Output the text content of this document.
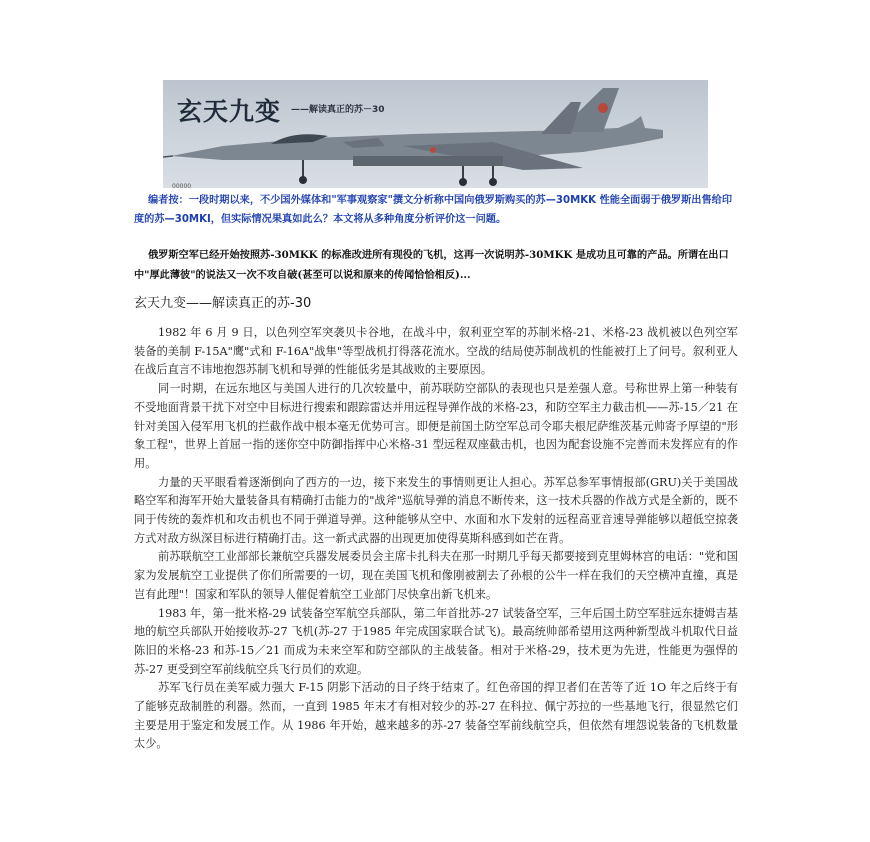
玄天九变 ——解读真正的苏－30
00000
编者按：一段时期以来，不少国外媒体和"军事观察家"撰文分析称中国向俄罗斯购买的苏—30MKK 性能全面弱于俄罗斯出售给印度的苏—30MKI，但实际情况果真如此么？本文将从多种角度分析评价这一问题。
俄罗斯空军已经开始按照苏-30MKK 的标准改进所有现役的飞机，这再一次说明苏-30MKK 是成功且可靠的产品。所谓在出口中"厚此薄彼"的说法又一次不攻自破(甚至可以说和原来的传闻恰恰相反)...
玄天九变——解读真正的苏-30

1982 年 6 月 9 日，以色列空军突袭贝卡谷地，在战斗中，叙利亚空军的苏制米格-21、米格-23 战机被以色列空军装备的美制 F-15A"鹰"式和 F-16A"战隼"等型战机打得落花流水。空战的结局使苏制战机的性能被打上了问号。叙利亚人在战后直言不讳地抱怨苏制飞机和导弹的性能低劣是其战败的主要原因。

同一时期，在远东地区与美国人进行的几次较量中，前苏联防空部队的表现也只是差强人意。号称世界上第一种装有不受地面背景干扰下对空中目标进行搜索和跟踪雷达并用远程导弹作战的米格-23，和防空军主力截击机——苏-15／21 在针对美国入侵军用飞机的拦截作战中根本毫无优势可言。即便是前国土防空军总司令耶夫根尼萨维茨基元帅寄予厚望的"形象工程"，世界上首屈一指的迷你空中防御指挥中心米格-31 型远程双座截击机，也因为配套设施不完善而未发挥应有的作用。

力量的天平眼看着逐渐倒向了西方的一边，接下来发生的事情则更让人担心。苏军总参军事情报部(GRU)关于美国战略空军和海军开始大量装备具有精确打击能力的"战斧"巡航导弹的消息不断传来，这一技术兵器的作战方式是全新的，既不同于传统的轰炸机和攻击机也不同于弹道导弹。这种能够从空中、水面和水下发射的远程高亚音速导弹能够以超低空掠袭方式对敌方纵深目标进行精确打击。这一新式武器的出现更加使得莫斯科感到如芒在背。

前苏联航空工业部部长兼航空兵器发展委员会主席卡扎科夫在那一时期几乎每天都要接到克里姆林宫的电话："党和国家为发展航空工业提供了你们所需要的一切，现在美国飞机和像刚被割去了孙根的公牛一样在我们的天空横冲直撞，真是岂有此理"！国家和军队的领导人催促着航空工业部门尽快拿出新飞机来。

1983 年，第一批米格-29 试装备空军航空兵部队，第二年首批苏-27 试装备空军，三年后国土防空军驻远东捷姆吉基地的航空兵部队开始接收苏-27 飞机(苏-27 于1985 年完成国家联合试飞)。最高统帅部希望用这两种新型战斗机取代日益陈旧的米格-23 和苏-15／21 而成为未来空军和防空部队的主战装备。相对于米格-29，技术更为先进，性能更为强悍的苏-27 更受到空军前线航空兵飞行员们的欢迎。

苏军飞行员在美军威力强大 F-15 阴影下活动的日子终于结束了。红色帝国的捍卫者们在苦等了近 1O 年之后终于有了能够克敌制胜的利器。然而，一直到 1985 年末才有相对较少的苏-27 在科拉、佩宁苏拉的一些基地飞行，很显然它们主要是用于鉴定和发展工作。从 1986 年开始，越来越多的苏-27 装备空军前线航空兵，但依然有埋怨说装备的飞机数量太少。
